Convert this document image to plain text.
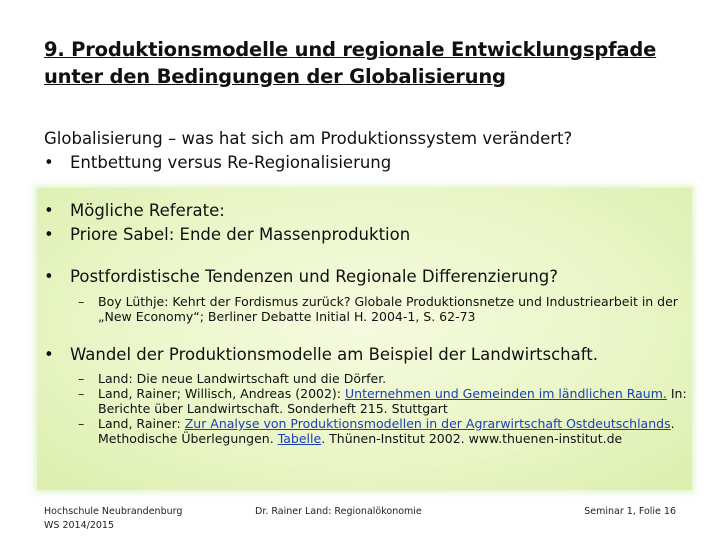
9. Produktionsmodelle und regionale Entwicklungspfade unter den Bedingungen der Globalisierung
Globalisierung – was hat sich am Produktionssystem verändert?
• Entbettung versus Re-Regionalisierung
• Mögliche Referate:
• Priore Sabel: Ende der Massenproduktion
• Postfordistische Tendenzen und Regionale Differenzierung?
– Boy Lüthje: Kehrt der Fordismus zurück? Globale Produktionsnetze und Industriearbeit in der „New Economy“; Berliner Debatte Initial H. 2004-1, S. 62-73
• Wandel der Produktionsmodelle am Beispiel der Landwirtschaft.
– Land: Die neue Landwirtschaft und die Dörfer.
– Land, Rainer; Willisch, Andreas (2002): Unternehmen und Gemeinden im ländlichen Raum. In: Berichte über Landwirtschaft. Sonderheft 215. Stuttgart
– Land, Rainer: Zur Analyse von Produktionsmodellen in der Agrarwirtschaft Ostdeutschlands. Methodische Überlegungen. Tabelle. Thünen-Institut 2002. www.thuenen-institut.de
Hochschule Neubrandenburg
WS 2014/2015
Dr. Rainer Land: Regionalökonomie	Seminar 1, Folie 16
